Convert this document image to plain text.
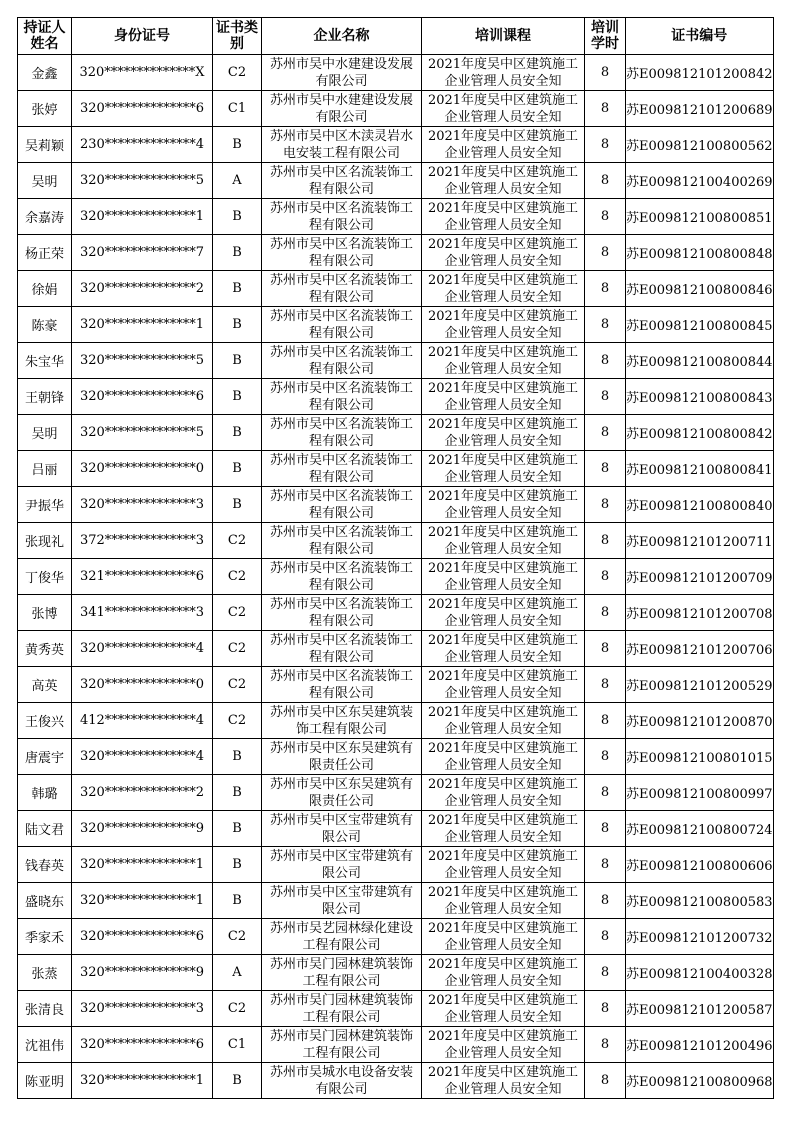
持证人姓名	身份证号	证书类别	企业名称	培训课程	培训学时	证书编号
金鑫	320**************X	C2	苏州市吴中水建建设发展有限公司	2021年度吴中区建筑施工企业管理人员安全知	8	苏E009812101200842
张婷	320**************6	C1	苏州市吴中水建建设发展有限公司	2021年度吴中区建筑施工企业管理人员安全知	8	苏E009812101200689
吴莉颖	230**************4	B	苏州市吴中区木渎灵岩水电安装工程有限公司	2021年度吴中区建筑施工企业管理人员安全知	8	苏E009812100800562
吴明	320**************5	A	苏州市吴中区名流装饰工程有限公司	2021年度吴中区建筑施工企业管理人员安全知	8	苏E009812100400269
余嘉涛	320**************1	B	苏州市吴中区名流装饰工程有限公司	2021年度吴中区建筑施工企业管理人员安全知	8	苏E009812100800851
杨正荣	320**************7	B	苏州市吴中区名流装饰工程有限公司	2021年度吴中区建筑施工企业管理人员安全知	8	苏E009812100800848
徐娟	320**************2	B	苏州市吴中区名流装饰工程有限公司	2021年度吴中区建筑施工企业管理人员安全知	8	苏E009812100800846
陈豪	320**************1	B	苏州市吴中区名流装饰工程有限公司	2021年度吴中区建筑施工企业管理人员安全知	8	苏E009812100800845
朱宝华	320**************5	B	苏州市吴中区名流装饰工程有限公司	2021年度吴中区建筑施工企业管理人员安全知	8	苏E009812100800844
王朝锋	320**************6	B	苏州市吴中区名流装饰工程有限公司	2021年度吴中区建筑施工企业管理人员安全知	8	苏E009812100800843
吴明	320**************5	B	苏州市吴中区名流装饰工程有限公司	2021年度吴中区建筑施工企业管理人员安全知	8	苏E009812100800842
吕丽	320**************0	B	苏州市吴中区名流装饰工程有限公司	2021年度吴中区建筑施工企业管理人员安全知	8	苏E009812100800841
尹振华	320**************3	B	苏州市吴中区名流装饰工程有限公司	2021年度吴中区建筑施工企业管理人员安全知	8	苏E009812100800840
张现礼	372**************3	C2	苏州市吴中区名流装饰工程有限公司	2021年度吴中区建筑施工企业管理人员安全知	8	苏E009812101200711
丁俊华	321**************6	C2	苏州市吴中区名流装饰工程有限公司	2021年度吴中区建筑施工企业管理人员安全知	8	苏E009812101200709
张博	341**************3	C2	苏州市吴中区名流装饰工程有限公司	2021年度吴中区建筑施工企业管理人员安全知	8	苏E009812101200708
黄秀英	320**************4	C2	苏州市吴中区名流装饰工程有限公司	2021年度吴中区建筑施工企业管理人员安全知	8	苏E009812101200706
高英	320**************0	C2	苏州市吴中区名流装饰工程有限公司	2021年度吴中区建筑施工企业管理人员安全知	8	苏E009812101200529
王俊兴	412**************4	C2	苏州市吴中区东吴建筑装饰工程有限公司	2021年度吴中区建筑施工企业管理人员安全知	8	苏E009812101200870
唐震宇	320**************4	B	苏州市吴中区东吴建筑有限责任公司	2021年度吴中区建筑施工企业管理人员安全知	8	苏E009812100801015
韩璐	320**************2	B	苏州市吴中区东吴建筑有限责任公司	2021年度吴中区建筑施工企业管理人员安全知	8	苏E009812100800997
陆文君	320**************9	B	苏州市吴中区宝带建筑有限公司	2021年度吴中区建筑施工企业管理人员安全知	8	苏E009812100800724
钱春英	320**************1	B	苏州市吴中区宝带建筑有限公司	2021年度吴中区建筑施工企业管理人员安全知	8	苏E009812100800606
盛晓东	320**************1	B	苏州市吴中区宝带建筑有限公司	2021年度吴中区建筑施工企业管理人员安全知	8	苏E009812100800583
季家禾	320**************6	C2	苏州市吴艺园林绿化建设工程有限公司	2021年度吴中区建筑施工企业管理人员安全知	8	苏E009812101200732
张蒸	320**************9	A	苏州市吴门园林建筑装饰工程有限公司	2021年度吴中区建筑施工企业管理人员安全知	8	苏E009812100400328
张清良	320**************3	C2	苏州市吴门园林建筑装饰工程有限公司	2021年度吴中区建筑施工企业管理人员安全知	8	苏E009812101200587
沈祖伟	320**************6	C1	苏州市吴门园林建筑装饰工程有限公司	2021年度吴中区建筑施工企业管理人员安全知	8	苏E009812101200496
陈亚明	320**************1	B	苏州市吴城水电设备安装有限公司	2021年度吴中区建筑施工企业管理人员安全知	8	苏E009812100800968
